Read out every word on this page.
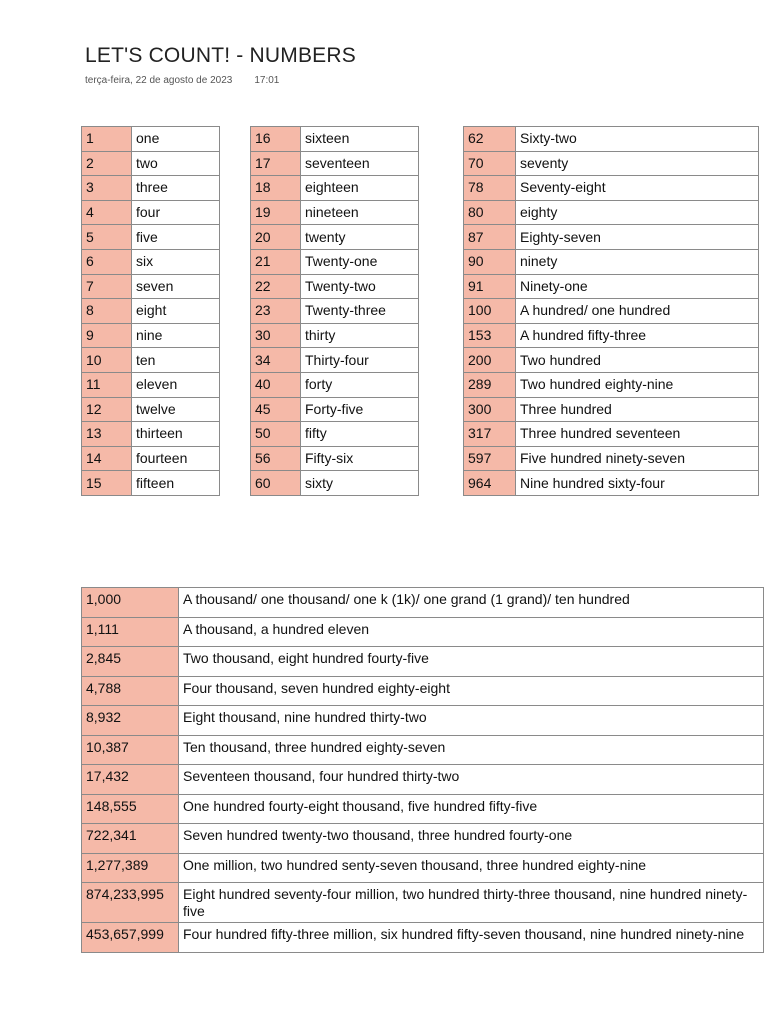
LET'S COUNT! - NUMBERS
terça-feira, 22 de agosto de 2023 17:01
1	one
2	two
3	three
4	four
5	five
6	six
7	seven
8	eight
9	nine
10	ten
11	eleven
12	twelve
13	thirteen
14	fourteen
15	fifteen
16	sixteen
17	seventeen
18	eighteen
19	nineteen
20	twenty
21	Twenty-one
22	Twenty-two
23	Twenty-three
30	thirty
34	Thirty-four
40	forty
45	Forty-five
50	fifty
56	Fifty-six
60	sixty
62	Sixty-two
70	seventy
78	Seventy-eight
80	eighty
87	Eighty-seven
90	ninety
91	Ninety-one
100	A hundred/ one hundred
153	A hundred fifty-three
200	Two hundred
289	Two hundred eighty-nine
300	Three hundred
317	Three hundred seventeen
597	Five hundred ninety-seven
964	Nine hundred sixty-four
1,000	A thousand/ one thousand/ one k (1k)/ one grand (1 grand)/ ten hundred
1,111	A thousand, a hundred eleven
2,845	Two thousand, eight hundred fourty-five
4,788	Four thousand, seven hundred eighty-eight
8,932	Eight thousand, nine hundred thirty-two
10,387	Ten thousand, three hundred eighty-seven
17,432	Seventeen thousand, four hundred thirty-two
148,555	One hundred fourty-eight thousand, five hundred fifty-five
722,341	Seven hundred twenty-two thousand, three hundred fourty-one
1,277,389	One million, two hundred senty-seven thousand, three hundred eighty-nine
874,233,995	Eight hundred seventy-four million, two hundred thirty-three thousand, nine hundred ninety-five
453,657,999	Four hundred fifty-three million, six hundred fifty-seven thousand, nine hundred ninety-nine
